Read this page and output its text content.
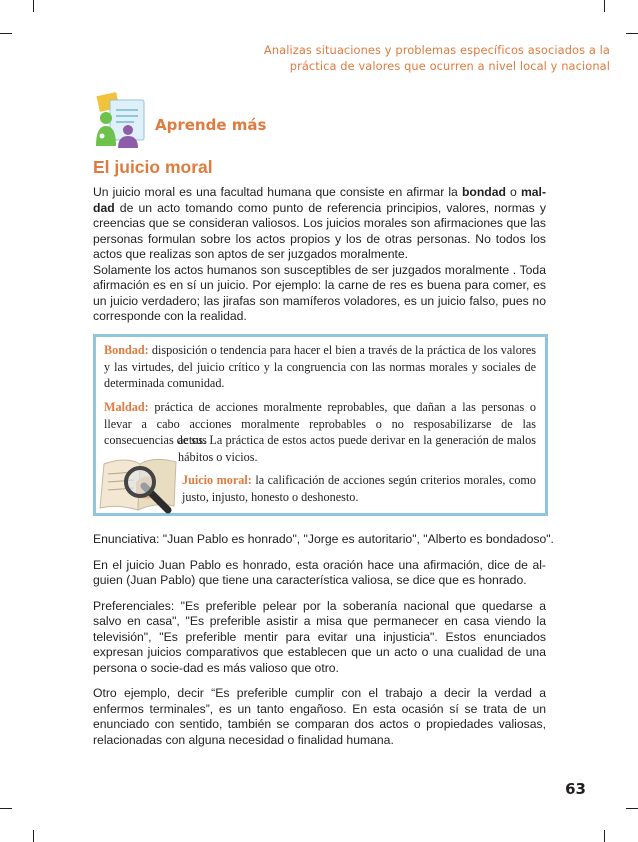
Analizas situaciones y problemas específicos asociados a la
práctica de valores que ocurren a nivel local y nacional
Aprende más
El juicio moral

Un juicio moral es una facultad humana que consiste en afirmar la bondad o mal-dad de un acto tomando como punto de referencia principios, valores, normas y creencias que se consideran valiosos. Los juicios morales son afirmaciones que las personas formulan sobre los actos propios y los de otras personas. No todos los actos que realizas son aptos de ser juzgados moralmente.

Solamente los actos humanos son susceptibles de ser juzgados moralmente . Toda afirmación es en sí un juicio. Por ejemplo: la carne de res es buena para comer, es un juicio verdadero; las jirafas son mamíferos voladores, es un juicio falso, pues no corresponde con la realidad.

Bondad: disposición o tendencia para hacer el bien a través de la práctica de los valores y las virtudes, del juicio crítico y la congruencia con las normas morales y sociales de determinada comunidad.

Maldad: práctica de acciones moralmente reprobables, que dañan a las personas o llevar a cabo acciones moralmente reprobables o no resposabilizarse de las consecuencias de sus

actos. La práctica de estos actos puede derivar en la generación de malos hábitos o vicios.

Juicio moral: la calificación de acciones según criterios morales, como justo, injusto, honesto o deshonesto.

Enunciativa: "Juan Pablo es honrado", "Jorge es autoritario", "Alberto es bondadoso".

En el juicio Juan Pablo es honrado, esta oración hace una afirmación, dice de al-guien (Juan Pablo) que tiene una característica valiosa, se dice que es honrado.

Preferenciales: "Es preferible pelear por la soberanía nacional que quedarse a salvo en casa", "Es preferible asistir a misa que permanecer en casa viendo la televisión", "Es preferible mentir para evitar una injusticia". Estos enunciados expresan juicios comparativos que establecen que un acto o una cualidad de una persona o socie-dad es más valioso que otro.

Otro ejemplo, decir “Es preferible cumplir con el trabajo a decir la verdad a enfermos terminales”, es un tanto engañoso. En esta ocasión sí se trata de un enunciado con sentido, también se comparan dos actos o propiedades valiosas, relacionadas con alguna necesidad o finalidad humana.

63
